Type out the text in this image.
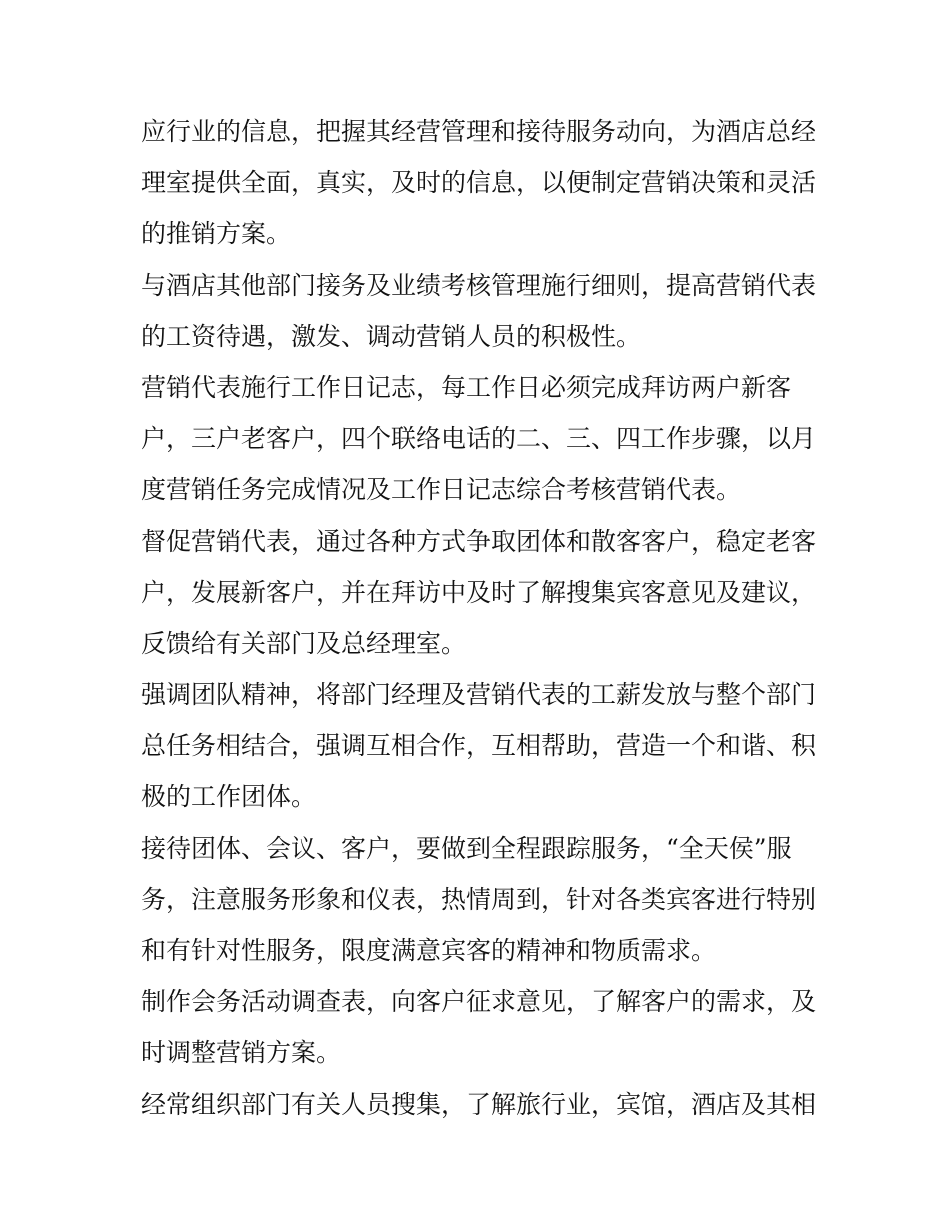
应行业的信息，把握其经营管理和接待服务动向，为酒店总经
理室提供全面，真实，及时的信息，以便制定营销决策和灵活
的推销方案。
与酒店其他部门接务及业绩考核管理施行细则，提高营销代表
的工资待遇，激发、调动营销人员的积极性。
营销代表施行工作日记志，每工作日必须完成拜访两户新客
户，三户老客户，四个联络电话的二、三、四工作步骤，以月
度营销任务完成情况及工作日记志综合考核营销代表。
督促营销代表，通过各种方式争取团体和散客客户，稳定老客
户，发展新客户，并在拜访中及时了解搜集宾客意见及建议，
反馈给有关部门及总经理室。
强调团队精神，将部门经理及营销代表的工薪发放与整个部门
总任务相结合，强调互相合作，互相帮助，营造一个和谐、积
极的工作团体。
接待团体、会议、客户，要做到全程跟踪服务，“全天侯”服
务，注意服务形象和仪表，热情周到，针对各类宾客进行特别
和有针对性服务，限度满意宾客的精神和物质需求。
制作会务活动调查表，向客户征求意见，了解客户的需求，及
时调整营销方案。
经常组织部门有关人员搜集，了解旅行业，宾馆，酒店及其相
